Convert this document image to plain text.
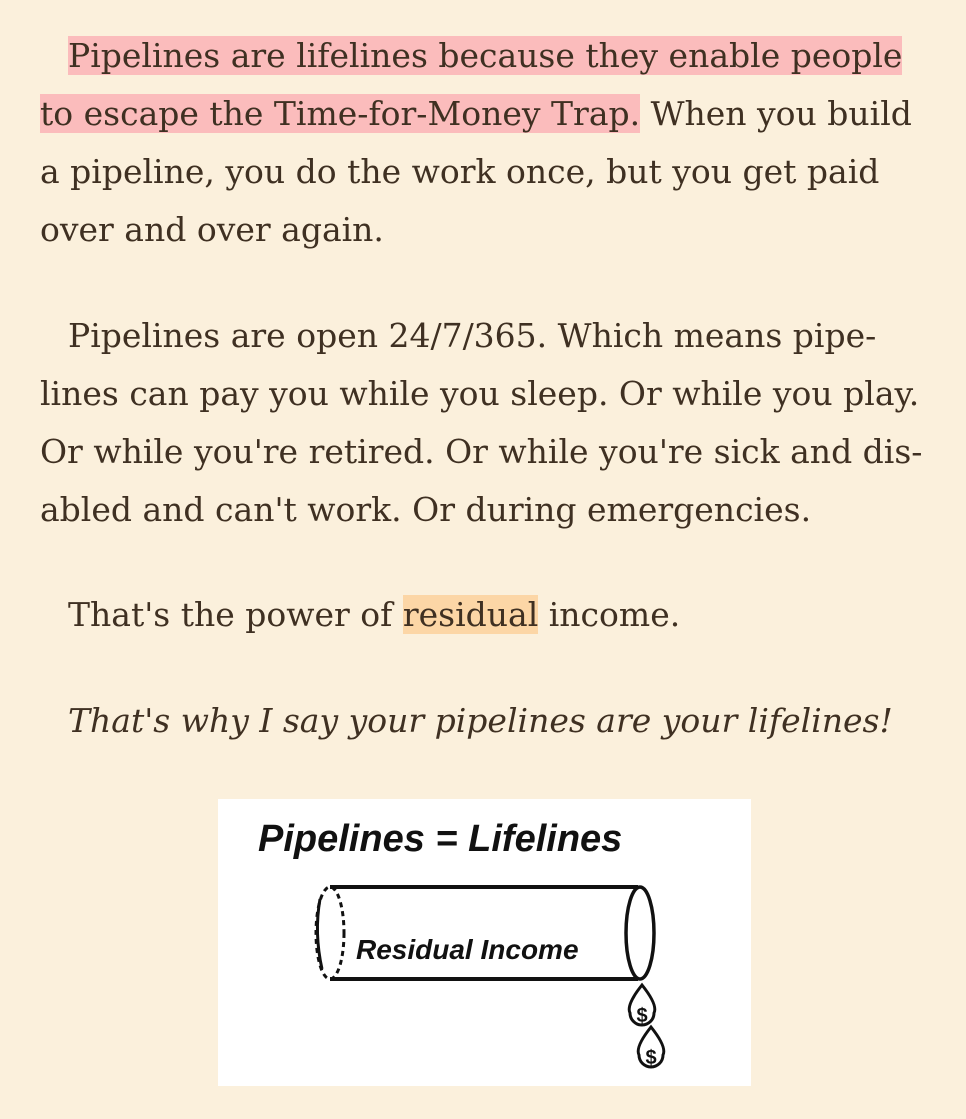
Pipelines are lifelines because they enable people
to escape the Time-for-Money Trap. When you build
a pipeline, you do the work once, but you get paid
over and over again.

Pipelines are open 24/7/365. Which means pipe-
lines can pay you while you sleep. Or while you play.
Or while you're retired. Or while you're sick and dis-
abled and can't work. Or during emergencies.

That's the power of residual income.

That's why I say your pipelines are your lifelines!

Pipelines = Lifelines
Residual Income
$
$
